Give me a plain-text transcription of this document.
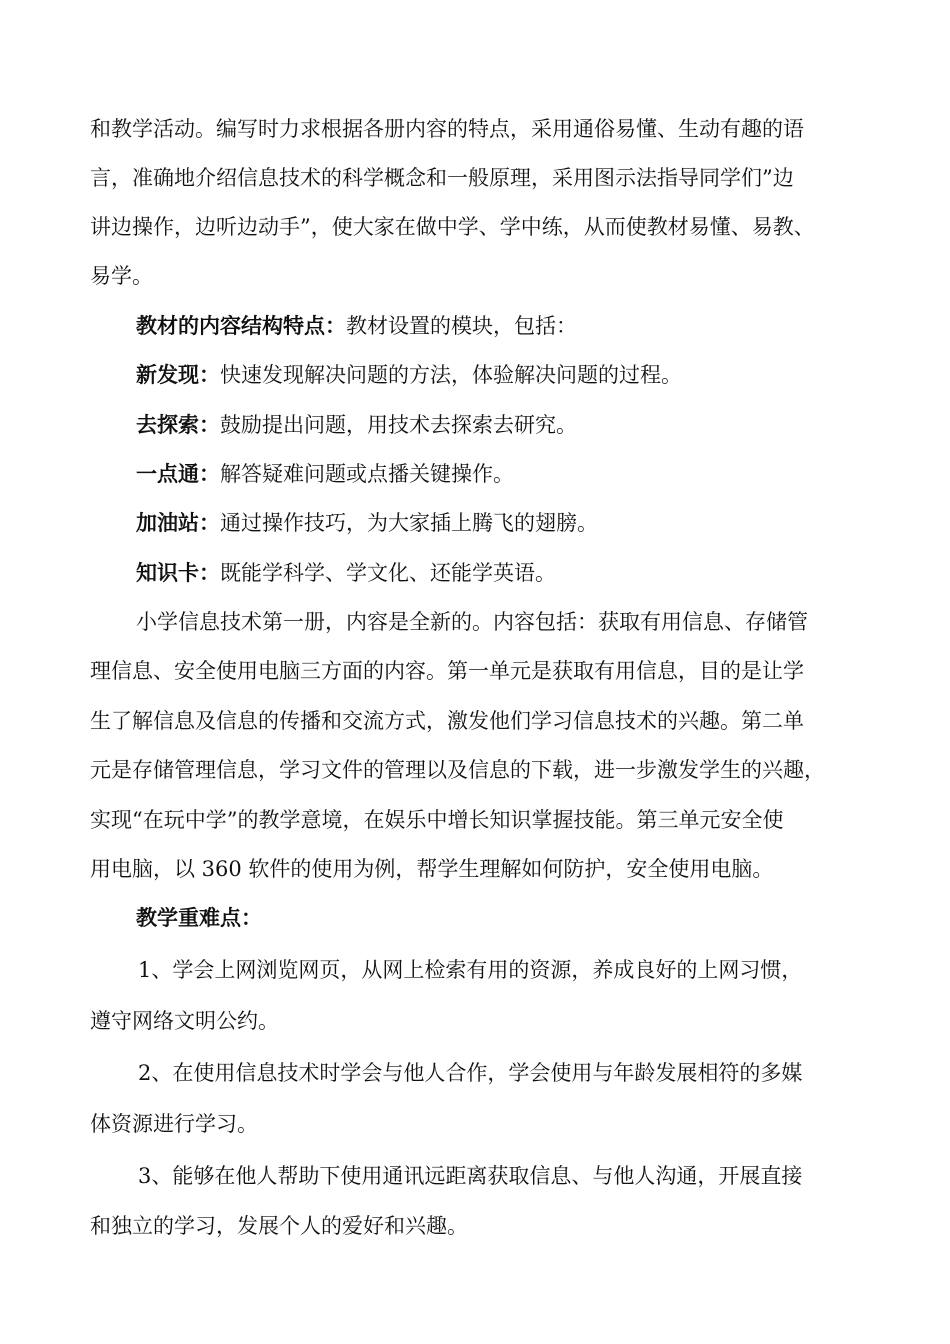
和教学活动。编写时力求根据各册内容的特点，采用通俗易懂、生动有趣的语
言，准确地介绍信息技术的科学概念和一般原理，采用图示法指导同学们”边
讲边操作，边听边动手”，使大家在做中学、学中练，从而使教材易懂、易教、
易学。
教材的内容结构特点：教材设置的模块，包括：
新发现：快速发现解决问题的方法，体验解决问题的过程。
去探索：鼓励提出问题，用技术去探索去研究。
一点通：解答疑难问题或点播关键操作。
加油站：通过操作技巧，为大家插上腾飞的翅膀。
知识卡：既能学科学、学文化、还能学英语。
小学信息技术第一册，内容是全新的。内容包括：获取有用信息、存储管
理信息、安全使用电脑三方面的内容。第一单元是获取有用信息，目的是让学
生了解信息及信息的传播和交流方式，激发他们学习信息技术的兴趣。第二单
元是存储管理信息，学习文件的管理以及信息的下载，进一步激发学生的兴趣，
实现“在玩中学”的教学意境，在娱乐中增长知识掌握技能。第三单元安全使
用电脑，以 360 软件的使用为例，帮学生理解如何防护，安全使用电脑。
教学重难点：
1、学会上网浏览网页，从网上检索有用的资源，养成良好的上网习惯，
遵守网络文明公约。
2、在使用信息技术时学会与他人合作，学会使用与年龄发展相符的多媒
体资源进行学习。
3、能够在他人帮助下使用通讯远距离获取信息、与他人沟通，开展直接
和独立的学习，发展个人的爱好和兴趣。
